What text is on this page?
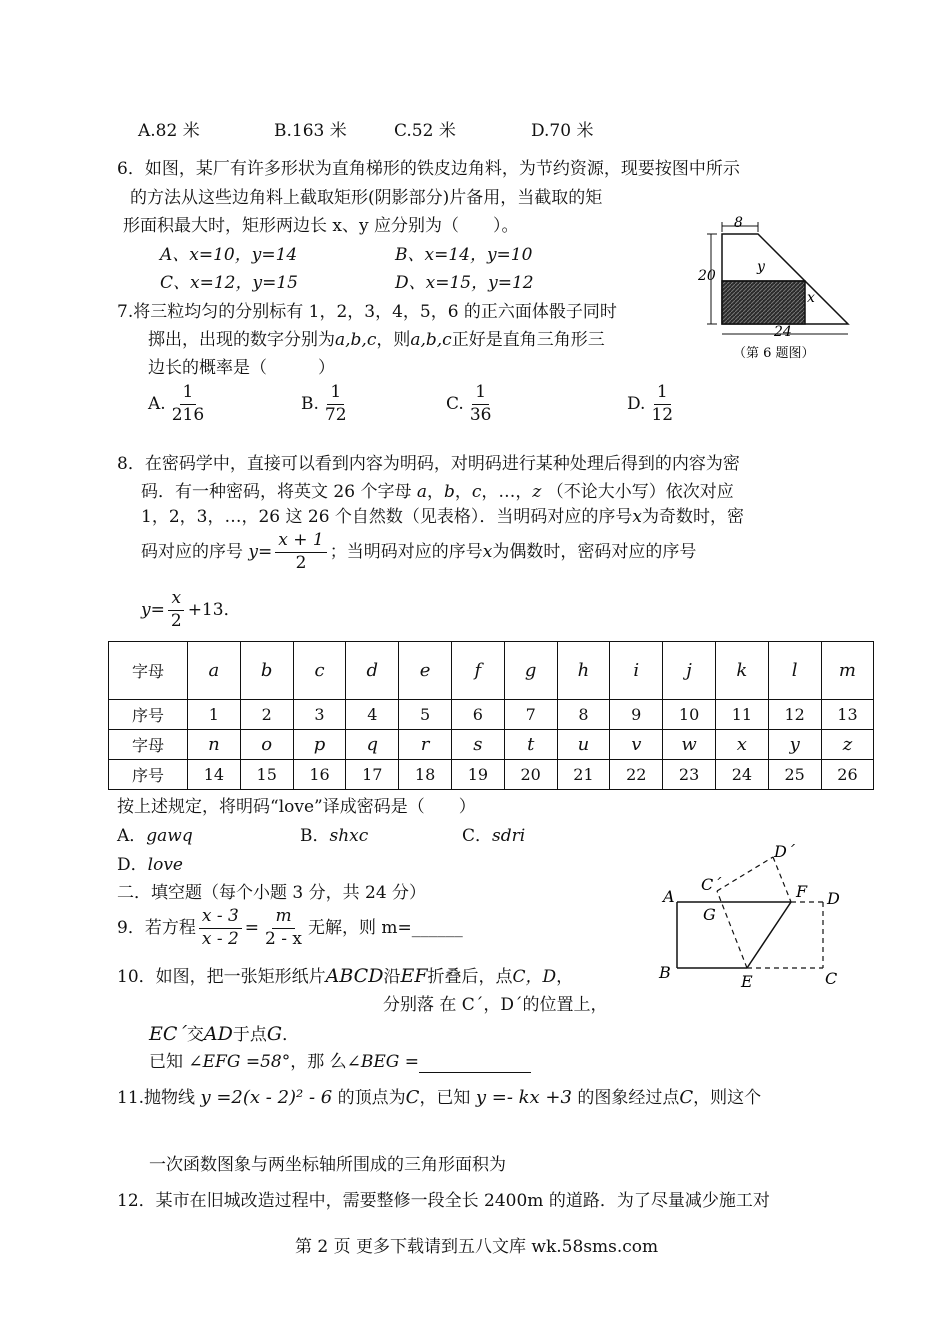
A.82 米	B.163 米	C.52 米	D.70 米
6．如图，某厂有许多形状为直角梯形的铁皮边角料，为节约资源，现要按图中所示
的方法从这些边角料上截取矩形(阴影部分)片备用，当截取的矩
形面积最大时，矩形两边长 x、y 应分别为（　　）。
A、x=10，y=14	B、x=14，y=10
C、x=12，y=15	D、x=15，y=12
8
20
24
y
x
（第 6 题图）
7.将三粒均匀的分别标有 1，2，3，4，5，6 的正六面体骰子同时
掷出，出现的数字分别为a,b,c，则a,b,c正好是直角三角形三
边长的概率是（　　　）
A. $\frac{1}{216}$	B. $\frac{1}{72}$	C. $\frac{1}{36}$	D. $\frac{1}{12}$
8．在密码学中，直接可以看到内容为明码，对明码进行某种处理后得到的内容为密
码．有一种密码，将英文 26 个字母 a，b，c，…，z （不论大小写）依次对应
1，2，3，…，26 这 26 个自然数（见表格）．当明码对应的序号x为奇数时，密
码对应的序号 $y= \frac{x + 1}{2}$ ；当明码对应的序号x为偶数时，密码对应的序号
$y= \frac{x}{2} +13$．
字母	a	b	c	d	e	f	g	h	i	j	k	l	m
序号	1	2	3	4	5	6	7	8	9	10	11	12	13
字母	n	o	p	q	r	s	t	u	v	w	x	y	z
序号	14	15	16	17	18	19	20	21	22	23	24	25	26
按上述规定，将明码“love”译成密码是（　　）
A．gawq	B．shxc	C．sdri
D．love
二．填空题（每个小题 3 分，共 24 分）
9．若方程 $\frac{x - 3}{x - 2} = \frac{m}{2 - x}$ 无解，则 m=______
10．如图，把一张矩形纸片ABCD沿EF折叠后，点C，D，
分别落 在 C´，D´的位置上，
EC´交AD于点G．
已知 ∠EFG =58°，那 么∠BEG =
A
B	C
D
E
F
G
C´
D´
11.抛物线 y =2(x - 2)² - 6 的顶点为C，已知 y =- kx +3 的图象经过点C，则这个
一次函数图象与两坐标轴所围成的三角形面积为
12．某市在旧城改造过程中，需要整修一段全长 2400m 的道路．为了尽量减少施工对
第 2 页 更多下载请到五八文库 wk.58sms.com
